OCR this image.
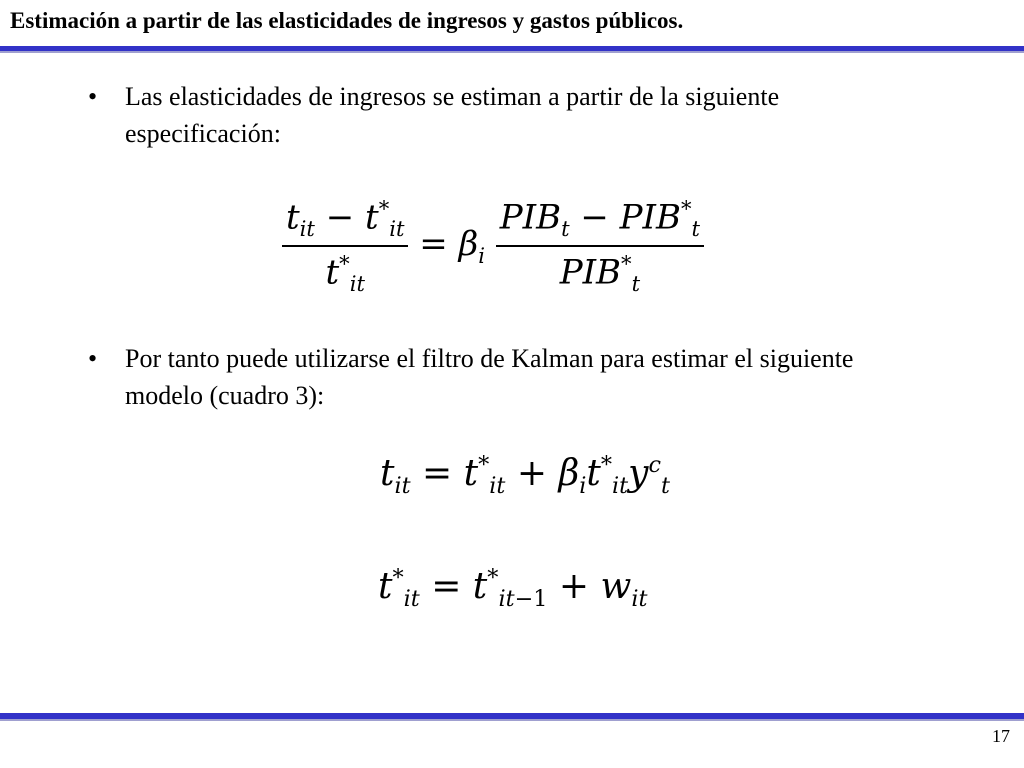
Estimación a partir de las elasticidades de ingresos y gastos públicos.
• Las elasticidades de ingresos se estiman a partir de la siguiente especificación:
$\frac{t_{it} - t^*_{it}}{t^*_{it}} = \beta_i \frac{PIB_t - PIB^*_t}{PIB^*_t}$
• Por tanto puede utilizarse el filtro de Kalman para estimar el siguiente modelo (cuadro 3):
$t_{it} = t^*_{it} + \beta_it^*_{it}y^c_t$
$t^*_{it} = t^*_{it-1} + w_{it}$
17
